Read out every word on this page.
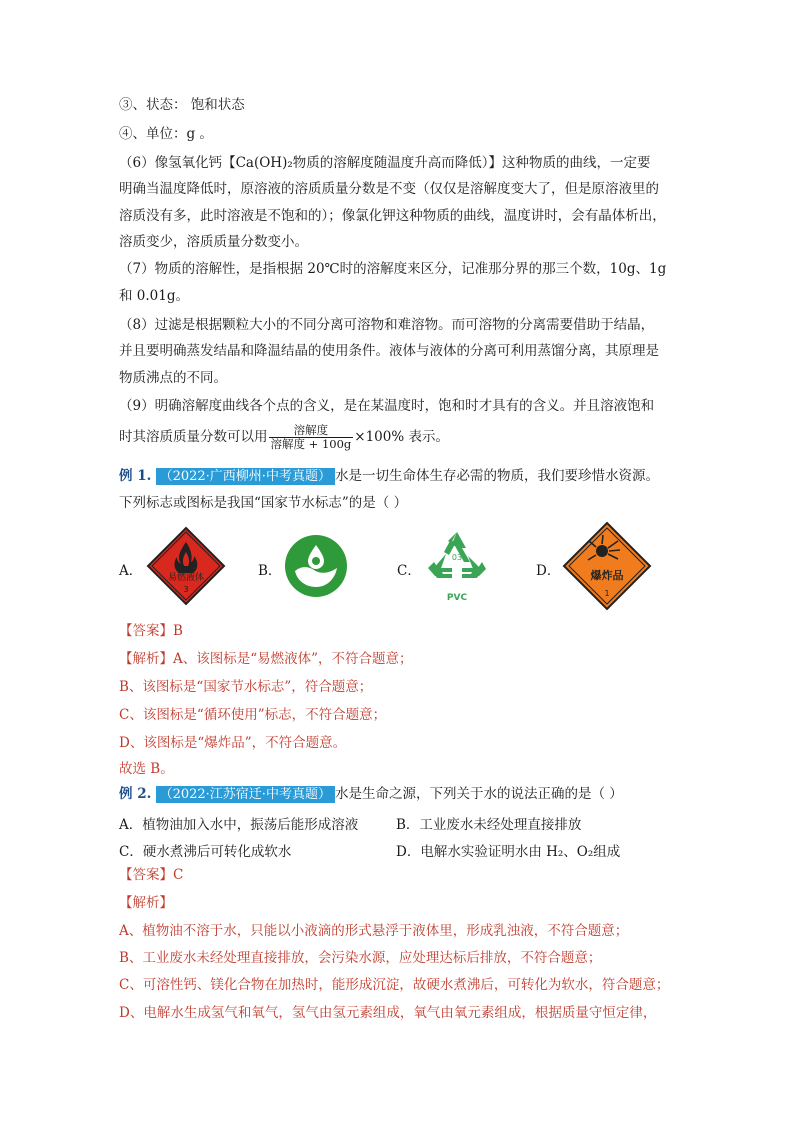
③、状态： 饱和状态
④、单位：g 。
（6）像氢氧化钙【Ca(OH)₂物质的溶解度随温度升高而降低）】这种物质的曲线，一定要
明确当温度降低时，原溶液的溶质质量分数是不变（仅仅是溶解度变大了，但是原溶液里的
溶质没有多，此时溶液是不饱和的）；像氯化钾这种物质的曲线，温度讲时，会有晶体析出，
溶质变少，溶质质量分数变小。
（7）物质的溶解性，是指根据 20℃时的溶解度来区分，记准那分界的那三个数，10g、1g
和 0.01g。
（8）过滤是根据颗粒大小的不同分离可溶物和难溶物。而可溶物的分离需要借助于结晶，
并且要明确蒸发结晶和降温结晶的使用条件。液体与液体的分离可利用蒸馏分离，其原理是
物质沸点的不同。
（9）明确溶解度曲线各个点的含义，是在某温度时，饱和时才具有的含义。并且溶液饱和
时其溶质质量分数可以用 $\frac{\text{溶解度}}{\text{溶解度 + 100g}} \times 100\%$ 表示。
例 1. （2022·广西柳州·中考真题） 水是一切生命体生存必需的物质，我们要珍惜水资源。
下列标志或图标是我国“国家节水标志”的是（ ）
A．	易燃液体
3
B．	C．
03
PVC
D．	爆炸品
1
【答案】B
【解析】A、该图标是“易燃液体”，不符合题意；
B、该图标是“国家节水标志”，符合题意；
C、该图标是“循环使用”标志，不符合题意；
D、该图标是“爆炸品”，不符合题意。
故选 B。
例 2. （2022·江苏宿迁·中考真题） 水是生命之源，下列关于水的说法正确的是（ ）
A．植物油加入水中，振荡后能形成溶液	B．工业废水未经处理直接排放
C．硬水煮沸后可转化成软水	D．电解水实验证明水由 H₂、O₂组成
【答案】C
【解析】
A、植物油不溶于水，只能以小液滴的形式悬浮于液体里，形成乳浊液，不符合题意；
B、工业废水未经处理直接排放，会污染水源，应处理达标后排放，不符合题意；
C、可溶性钙、镁化合物在加热时，能形成沉淀，故硬水煮沸后，可转化为软水，符合题意；
D、电解水生成氢气和氧气，氢气由氢元素组成，氧气由氧元素组成，根据质量守恒定律，
